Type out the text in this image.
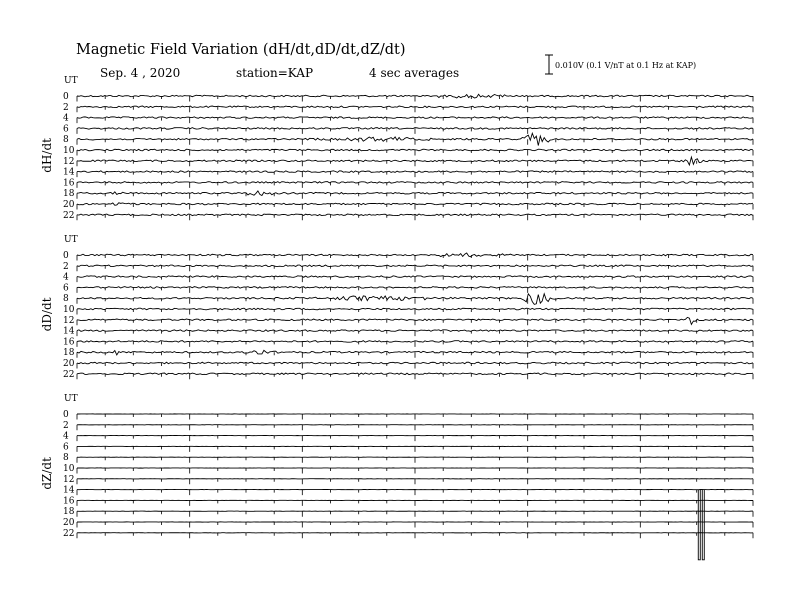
Magnetic Field Variation (dH/dt,dD/dt,dZ/dt)
Sep. 4 , 2020	station=KAP	4 sec averages
0.010V (0.1 V/nT at 0.1 Hz at KAP)
UT
dH/dt
0
2
4
6
8
10
12
14
16
18
20
22
UT
dD/dt
0
2
4
6
8
10
12
14
16
18
20
22
UT
dZ/dt
0
2
4
6
8
10
12
14
16
18
20
22
